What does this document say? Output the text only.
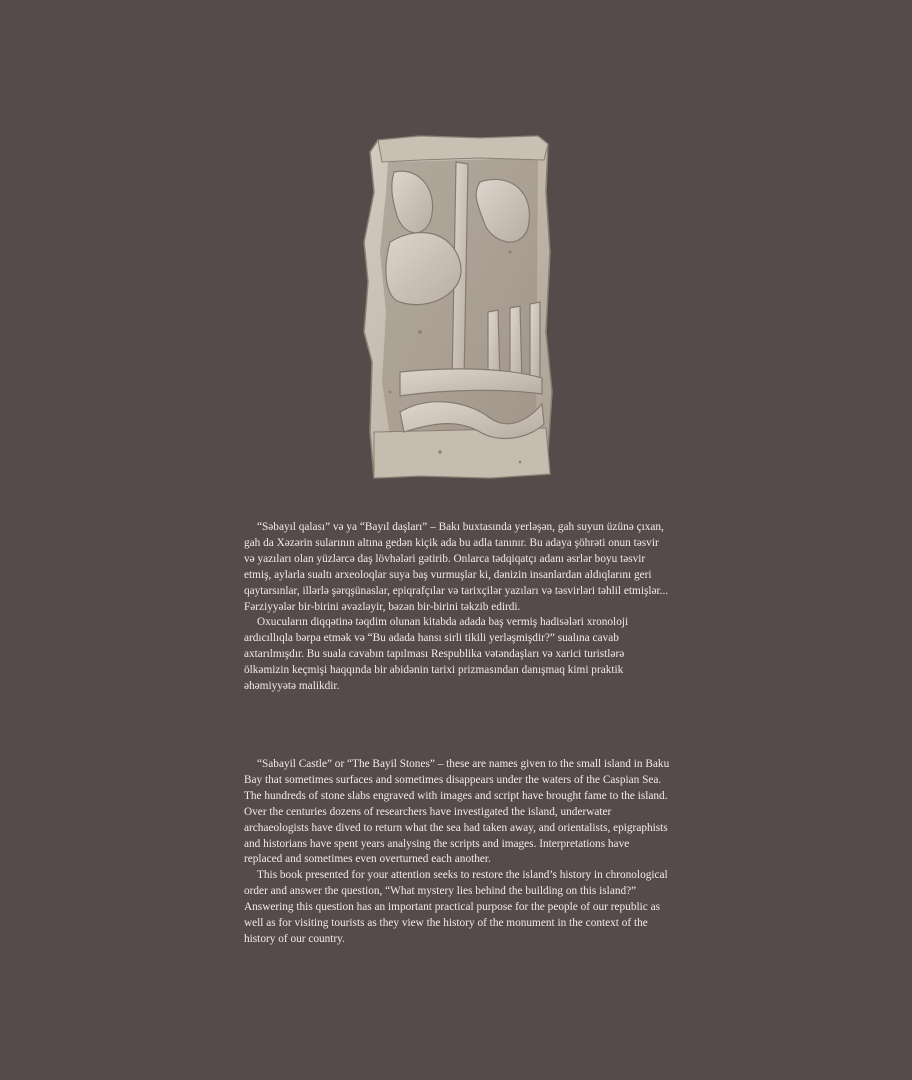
“Səbayıl qalası” və ya “Bayıl daşları” – Bakı buxtasında yerləşən, gah suyun üzünə çıxan, gah da Xəzərin sularının altına gedən kiçik ada bu adla tanınır. Bu adaya şöhrəti onun təsvir və yazıları olan yüzlərcə daş lövhələri gətirib. Onlarca tədqiqatçı adanı əsrlər boyu təsvir etmiş, aylarla sualtı arxeoloqlar suya baş vurmuşlar ki, dənizin insanlardan aldıqlarını geri qaytarsınlar, illərlə şərqşünaslar, epiqrafçılar və tarixçilər yazıları və təsvirləri təhlil etmişlər... Fərziyyələr bir-birini əvəzləyir, bəzən bir-birini təkzib edirdi.

Oxucuların diqqətinə təqdim olunan kitabda adada baş vermiş hadisələri xronoloji ardıcıllıqla bərpa etmək və “Bu adada hansı sirli tikili yerləşmişdir?” sualına cavab axtarılmışdır. Bu suala cavabın tapılması Respublika vətəndaşları və xarici turistlərə ölkəmizin keçmişi haqqında bir abidənin tarixi prizmasından danışmaq kimi praktik əhəmiyyətə malikdir.

“Sabayil Castle” or “The Bayil Stones” – these are names given to the small island in Baku Bay that sometimes surfaces and sometimes disappears under the waters of the Caspian Sea. The hundreds of stone slabs engraved with images and script have brought fame to the island. Over the centuries dozens of researchers have investigated the island, underwater archaeologists have dived to return what the sea had taken away, and orientalists, epigraphists and historians have spent years analysing the scripts and images. Interpretations have replaced and sometimes even overturned each another.

This book presented for your attention seeks to restore the island’s history in chronological order and answer the question, “What mystery lies behind the building on this island?” Answering this question has an important practical purpose for the people of our republic as well as for visiting tourists as they view the history of the monument in the context of the history of our country.
